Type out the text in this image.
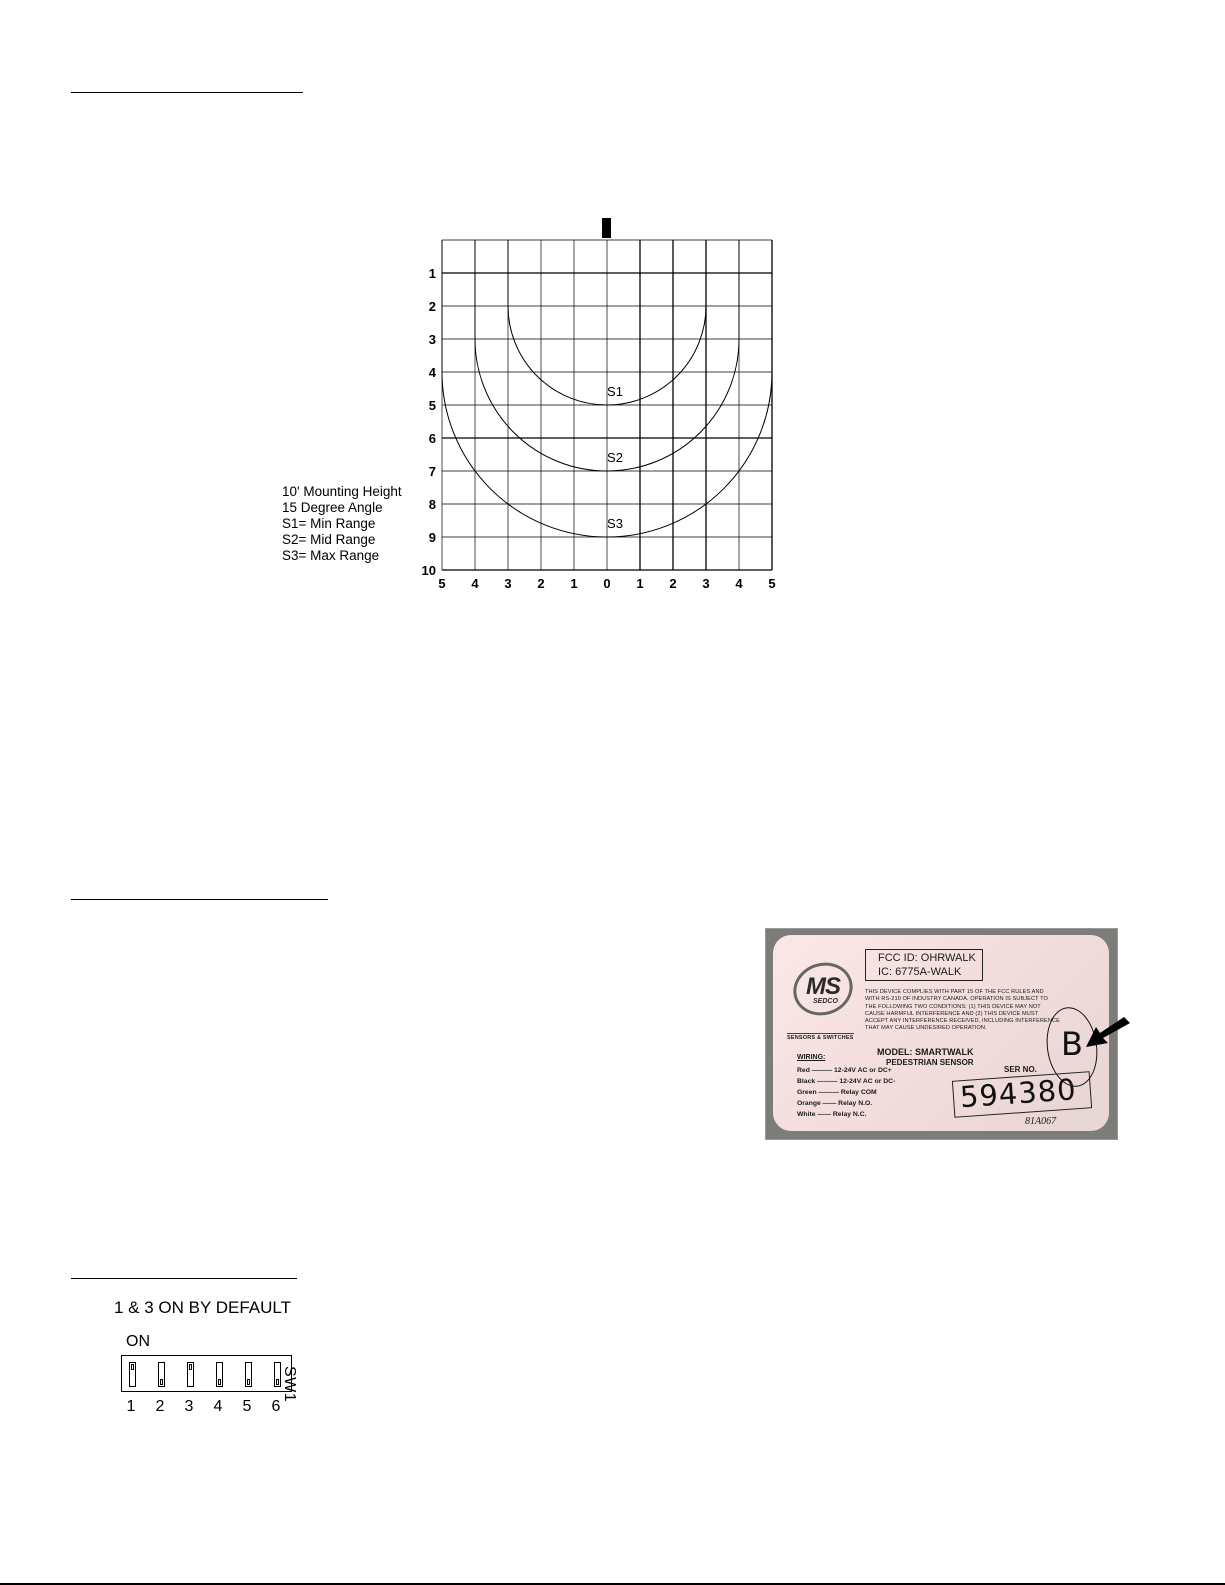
S1
S2
S3
1
2
3
4
5
6
7
8
9
10
5 4 3 2 1 0 1 2 3 4 5
10' Mounting Height
15 Degree Angle
S1= Min Range
S2= Mid Range
S3= Max Range
FCC ID: OHRWALK
IC: 6775A-WALK
THIS DEVICE COMPLIES WITH PART 15 OF THE FCC RULES AND
WITH RS-210 OF INDUSTRY CANADA. OPERATION IS SUBJECT TO
THE FOLLOWING TWO CONDITIONS: (1) THIS DEVICE MAY NOT
CAUSE HARMFUL INTERFERENCE AND (2) THIS DEVICE MUST
ACCEPT ANY INTERFERENCE RECEIVED, INCLUDING INTERFERENCE
THAT MAY CAUSE UNDESIRED OPERATION.
MS
SEDCO
SENSORS & SWITCHES
WIRING:
Red ——— 12-24V AC or DC+
Black ——— 12-24V AC or DC-
Green ——— Relay COM
Orange —— Relay N.O.
White —— Relay N.C.
MODEL: SMARTWALK
PEDESTRIAN SENSOR
SER NO.
594380
81A067
B
1 & 3 ON BY DEFAULT
ON
SW1
1 2 3 4 5 6
